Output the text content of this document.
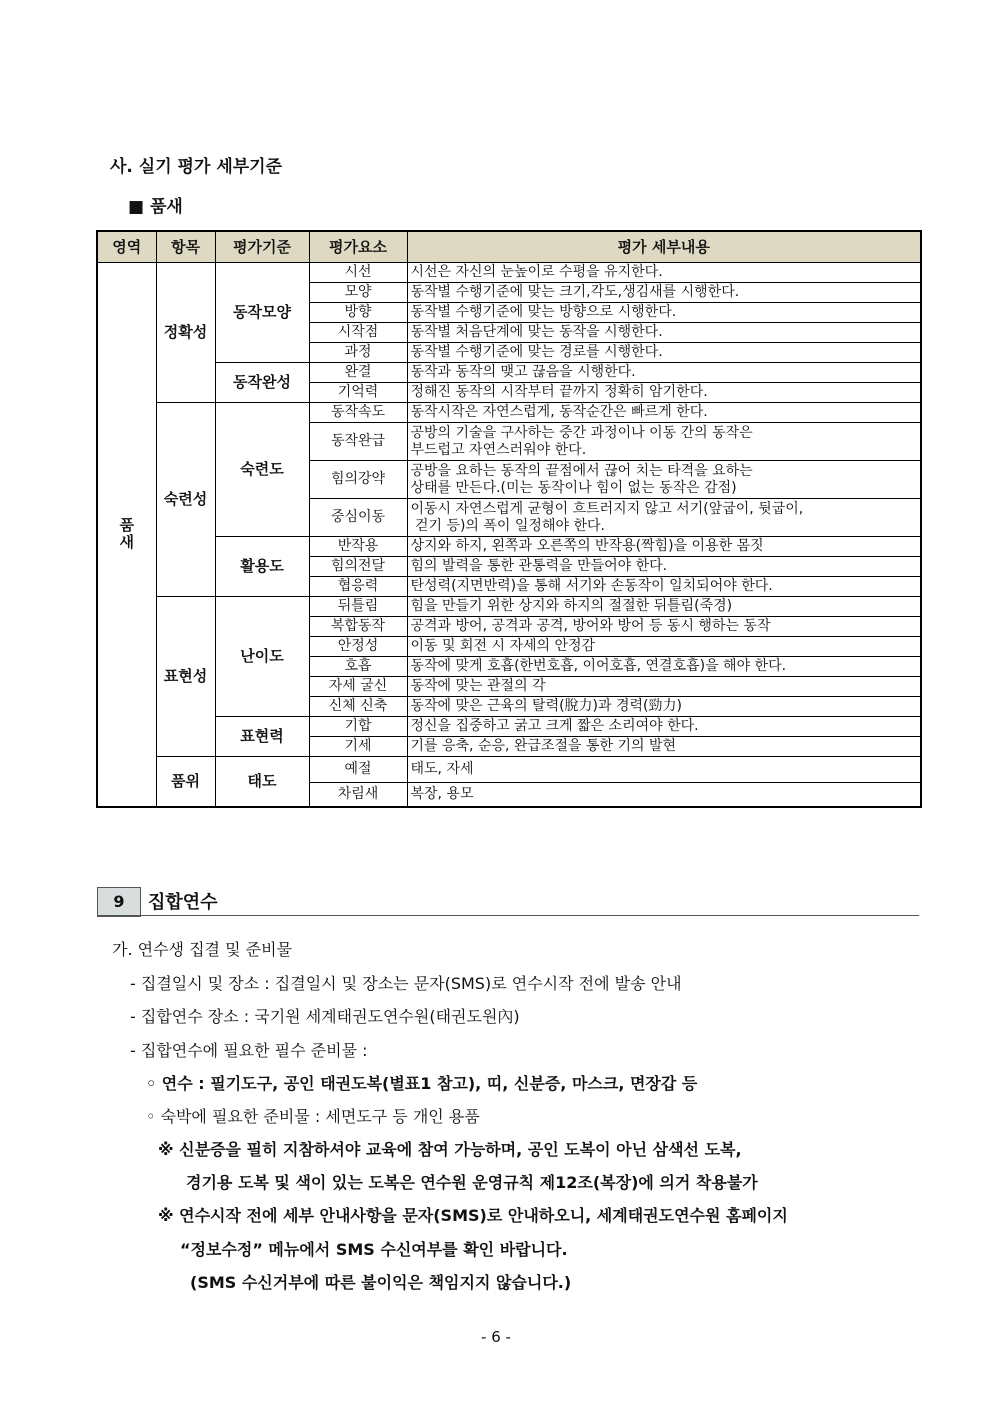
사. 실기 평가 세부기준
■ 품새
영역	항목	평가기준	평가요소	평가 세부내용
품
새	정확성	동작모양	시선	시선은 자신의 눈높이로 수평을 유지한다.
			모양	동작별 수행기준에 맞는 크기,각도,생김새를 시행한다.
			방향	동작별 수행기준에 맞는 방향으로 시행한다.
			시작점	동작별 처음단계에 맞는 동작을 시행한다.
			과정	동작별 수행기준에 맞는 경로를 시행한다.
		동작완성	완결	동작과 동작의 맺고 끊음을 시행한다.
			기억력	정해진 동작의 시작부터 끝까지 정확히 암기한다.
	숙련성	숙련도	동작속도	동작시작은 자연스럽게, 동작순간은 빠르게 한다.
			동작완급	공방의 기술을 구사하는 중간 과정이나 이동 간의 동작은
부드럽고 자연스러워야 한다.
			힘의강약	공방을 요하는 동작의 끝점에서 끊어 치는 타격을 요하는
상태를 만든다.(미는 동작이나 힘이 없는 동작은 감점)
			중심이동	이동시 자연스럽게 균형이 흐트러지지 않고 서기(앞굽이, 뒷굽이,
걷기 등)의 폭이 일정해야 한다.
		활용도	반작용	상지와 하지, 왼쪽과 오른쪽의 반작용(짝힘)을 이용한 몸짓
			힘의전달	힘의 발력을 통한 관통력을 만들어야 한다.
			협응력	탄성력(지면반력)을 통해 서기와 손동작이 일치되어야 한다.
	표현성	난이도	뒤틀림	힘을 만들기 위한 상지와 하지의 절절한 뒤틀림(죽경)
			복합동작	공격과 방어, 공격과 공격, 방어와 방어 등 동시 행하는 동작
			안정성	이동 및 회전 시 자세의 안정감
			호흡	동작에 맞게 호흡(한번호흡, 이어호흡, 연결호흡)을 해야 한다.
			자세 굴신	동작에 맞는 관절의 각
			신체 신축	동작에 맞은 근육의 탈력(脫力)과 경력(勁力)
		표현력	기합	정신을 집중하고 굵고 크게 짧은 소리여야 한다.
			기세	기를 응축, 순응, 완급조절을 통한 기의 발현
	품위	태도	예절	태도, 자세
			차림새	복장, 용모
9	집합연수
가. 연수생 집결 및 준비물
- 집결일시 및 장소 : 집결일시 및 장소는 문자(SMS)로 연수시작 전에 발송 안내
- 집합연수 장소 : 국기원 세계태권도연수원(태권도원內)
- 집합연수에 필요한 필수 준비물 :
◦ 연수 : 필기도구, 공인 태권도복(별표1 참고), 띠, 신분증, 마스크, 면장갑 등
◦ 숙박에 필요한 준비물 : 세면도구 등 개인 용품
※ 신분증을 필히 지참하셔야 교육에 참여 가능하며, 공인 도복이 아닌 삼색선 도복,
경기용 도복 및 색이 있는 도복은 연수원 운영규칙 제12조(복장)에 의거 착용불가
※ 연수시작 전에 세부 안내사항을 문자(SMS)로 안내하오니, 세계태권도연수원 홈페이지
“정보수정” 메뉴에서 SMS 수신여부를 확인 바랍니다.
(SMS 수신거부에 따른 불이익은 책임지지 않습니다.)
- 6 -
